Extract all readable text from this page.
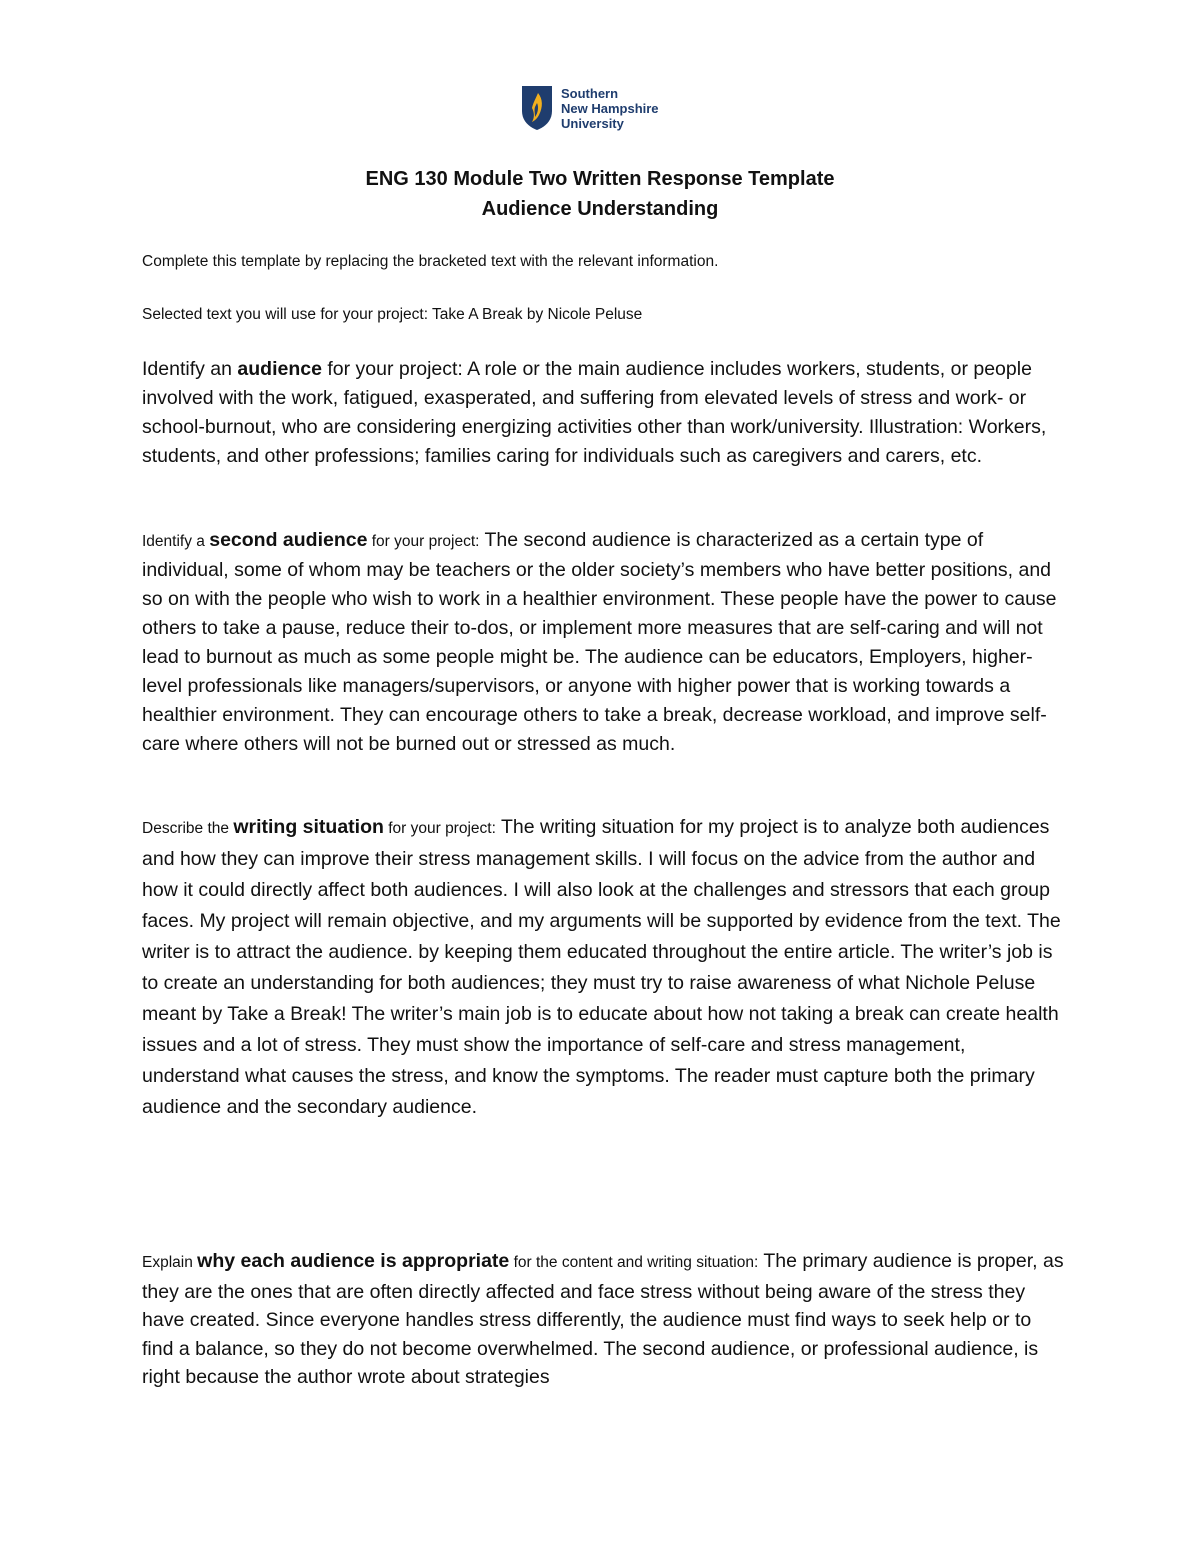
Southern
New Hampshire
University
ENG 130 Module Two Written Response Template
Audience Understanding
Complete this template by replacing the bracketed text with the relevant information.
Selected text you will use for your project: Take A Break by Nicole Peluse

Identify an audience for your project: A role or the main audience includes workers, students, or people involved with the work, fatigued, exasperated, and suffering from elevated levels of stress and work- or school-burnout, who are considering energizing activities other than work/university. Illustration: Workers, students, and other professions; families caring for individuals such as caregivers and carers, etc.

Identify a second audience for your project: The second audience is characterized as a certain type of individual, some of whom may be teachers or the older society’s members who have better positions, and so on with the people who wish to work in a healthier environment. These people have the power to cause others to take a pause, reduce their to-dos, or implement more measures that are self-caring and will not lead to burnout as much as some people might be. The audience can be educators, Employers, higher-level professionals like managers/supervisors, or anyone with higher power that is working towards a healthier environment. They can encourage others to take a break, decrease workload, and improve self-care where others will not be burned out or stressed as much.

Describe the writing situation for your project: The writing situation for my project is to analyze both audiences and how they can improve their stress management skills. I will focus on the advice from the author and how it could directly affect both audiences. I will also look at the challenges and stressors that each group faces. My project will remain objective, and my arguments will be supported by evidence from the text. The writer is to attract the audience. by keeping them educated throughout the entire article. The writer’s job is to create an understanding for both audiences; they must try to raise awareness of what Nichole Peluse meant by Take a Break! The writer’s main job is to educate about how not taking a break can create health issues and a lot of stress. They must show the importance of self-care and stress management, understand what causes the stress, and know the symptoms. The reader must capture both the primary audience and the secondary audience.

Explain why each audience is appropriate for the content and writing situation: The primary audience is proper, as they are the ones that are often directly affected and face stress without being aware of the stress they have created. Since everyone handles stress differently, the audience must find ways to seek help or to find a balance, so they do not become overwhelmed. The second audience, or professional audience, is right because the author wrote about strategies
